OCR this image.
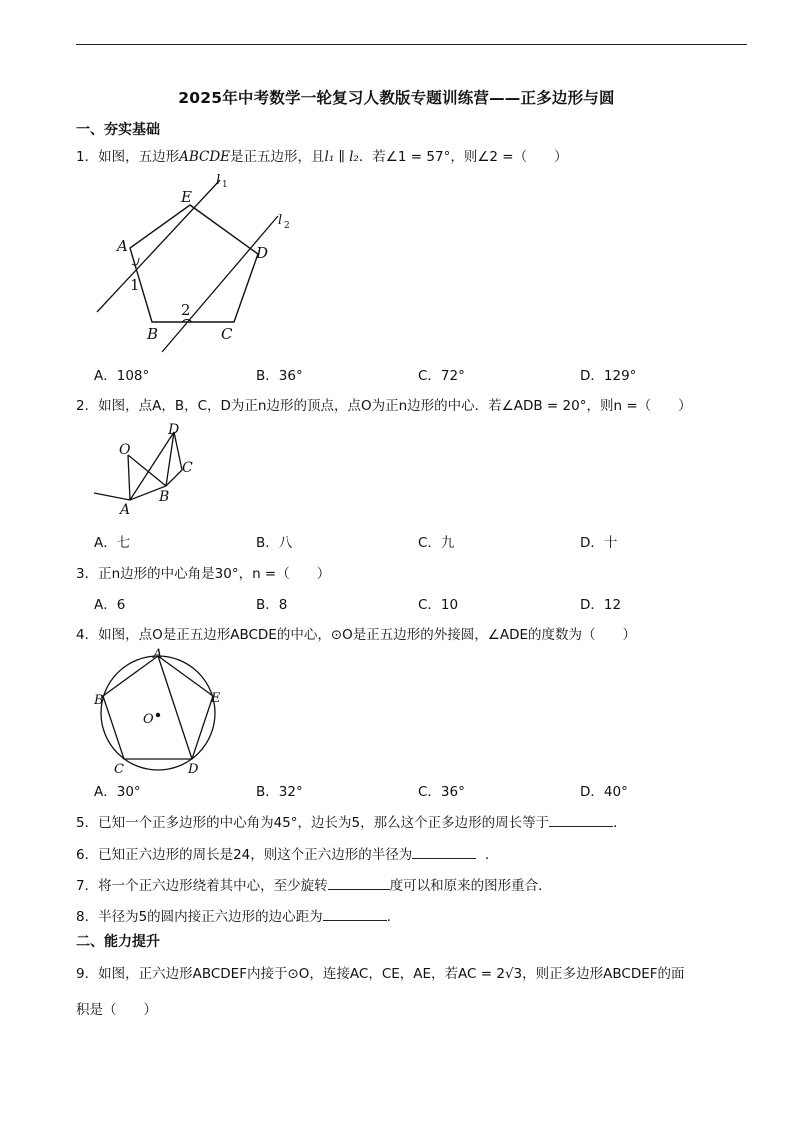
2025年中考数学一轮复习人教版专题训练营——正多边形与圆
一、夯实基础
1．如图，五边形ABCDE是正五边形，且l₁ ∥ l₂．若∠1 = 57°，则∠2 =（　　）
E
A	D
B	C
l 1
l 2
1
2
A．108°	B．36°	C．72°	D．129°
2．如图，点A，B，C，D为正n边形的顶点，点O为正n边形的中心．若∠ADB = 20°，则n =（　　）
O
D
C
A
B
A．七	B．八	C．九	D．十
3．正n边形的中心角是30°，n =（　　）
A．6	B．8	C．10	D．12
4．如图，点O是正五边形ABCDE的中心，⊙O是正五边形的外接圆，∠ADE的度数为（　　）
A
B	E
O
C	D
A．30°	B．32°	C．36°	D．40°
5．已知一个正多边形的中心角为45°，边长为5，那么这个正多边形的周长等于	．
6．已知正六边形的周长是24，则这个正六边形的半径为	．
7．将一个正六边形绕着其中心，至少旋转	度可以和原来的图形重合．
8．半径为5的圆内接正六边形的边心距为	．
二、能力提升
9．如图，正六边形ABCDEF内接于⊙O，连接AC，CE，AE，若AC = 2√3，则正多边形ABCDEF的面
积是（　　）
